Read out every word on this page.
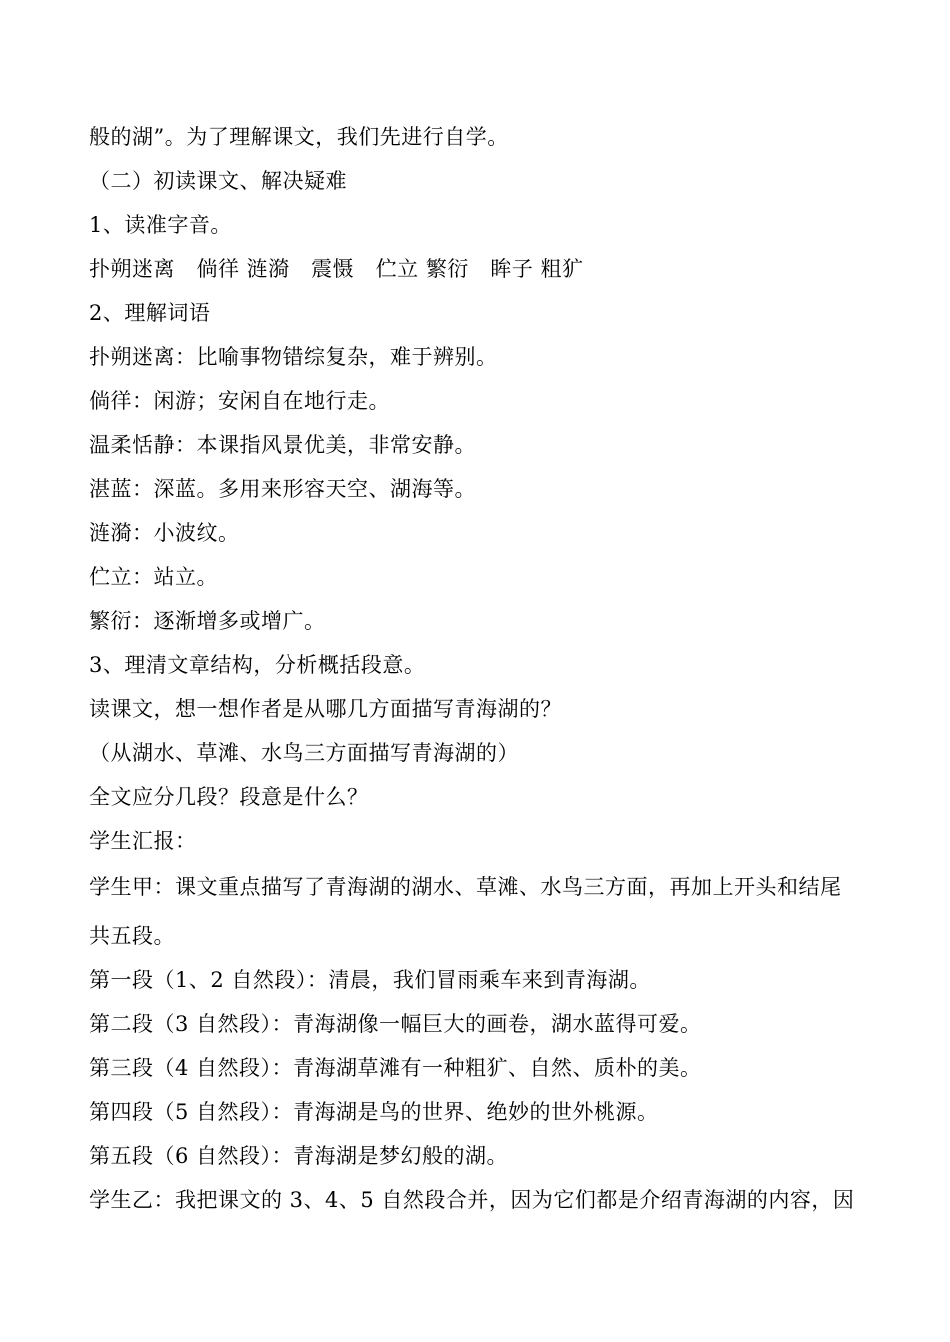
般的湖”。为了理解课文，我们先进行自学。
（二）初读课文、解决疑难
1、读准字音。
扑朔迷离　倘徉 涟漪　震慑　伫立 繁衍　眸子 粗犷
2、理解词语
扑朔迷离：比喻事物错综复杂，难于辨别。
倘徉：闲游；安闲自在地行走。
温柔恬静：本课指风景优美，非常安静。
湛蓝：深蓝。多用来形容天空、湖海等。
涟漪：小波纹。
伫立：站立。
繁衍：逐渐增多或增广。
3、理清文章结构，分析概括段意。
读课文，想一想作者是从哪几方面描写青海湖的？
（从湖水、草滩、水鸟三方面描写青海湖的）
全文应分几段？段意是什么？
学生汇报：
学生甲：课文重点描写了青海湖的湖水、草滩、水鸟三方面，再加上开头和结尾
共五段。
第一段（1、2 自然段）：清晨，我们冒雨乘车来到青海湖。
第二段（3 自然段）：青海湖像一幅巨大的画卷，湖水蓝得可爱。
第三段（4 自然段）：青海湖草滩有一种粗犷、自然、质朴的美。
第四段（5 自然段）：青海湖是鸟的世界、绝妙的世外桃源。
第五段（6 自然段）：青海湖是梦幻般的湖。
学生乙：我把课文的 3、4、5 自然段合并，因为它们都是介绍青海湖的内容，因
